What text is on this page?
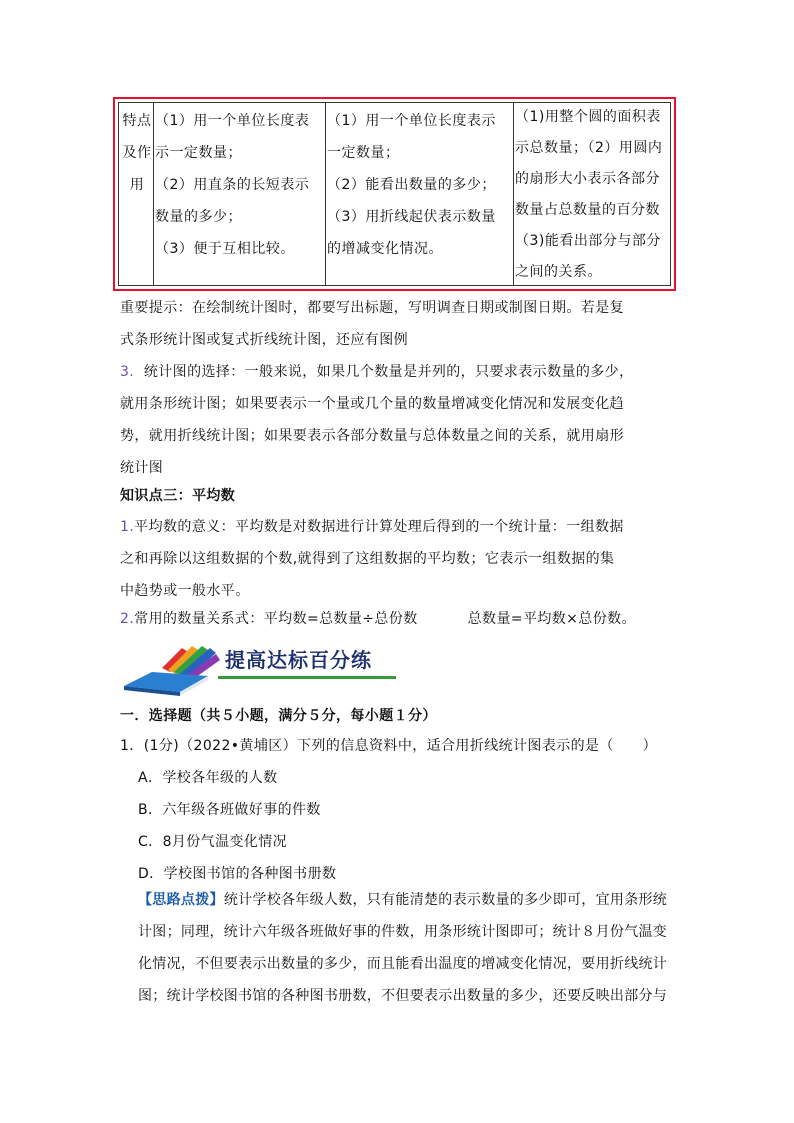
特点
及作
用
（1）用一个单位长度表
示一定数量；
（2）用直条的长短表示
数量的多少；
（3）便于互相比较。
（1）用一个单位长度表示
一定数量；
（2）能看出数量的多少；
（3）用折线起伏表示数量
的增减变化情况。
（1)用整个圆的面积表
示总数量；（2）用圆内
的扇形大小表示各部分
数量占总数量的百分数
（3)能看出部分与部分
之间的关系。
重要提示：在绘制统计图时，都要写出标题，写明调查日期或制图日期。若是复
式条形统计图或复式折线统计图，还应有图例
3. 统计图的选择：一般来说，如果几个数量是并列的，只要求表示数量的多少，
就用条形统计图；如果要表示一个量或几个量的数量增减变化情况和发展变化趋
势，就用折线统计图；如果要表示各部分数量与总体数量之间的关系，就用扇形
统计图
知识点三：平均数
1.平均数的意义：平均数是对数据进行计算处理后得到的一个统计量：一组数据
之和再除以这组数据的个数,就得到了这组数据的平均数；它表示一组数据的集
中趋势或一般水平。
2.常用的数量关系式：平均数=总数量÷总份数	总数量=平均数×总份数。
提高达标百分练
一．选择题（共５小题，满分５分，每小题１分）
1．(1分)（2022•黄埔区）下列的信息资料中，适合用折线统计图表示的是（　　）
A．学校各年级的人数
B．六年级各班做好事的件数
C．8月份气温变化情况
D．学校图书馆的各种图书册数
【思路点拨】统计学校各年级人数，只有能清楚的表示数量的多少即可，宜用条形统
计图；同理，统计六年级各班做好事的件数，用条形统计图即可；统计８月份气温变
化情况，不但要表示出数量的多少，而且能看出温度的增减变化情况，要用折线统计
图；统计学校图书馆的各种图书册数，不但要表示出数量的多少，还要反映出部分与
